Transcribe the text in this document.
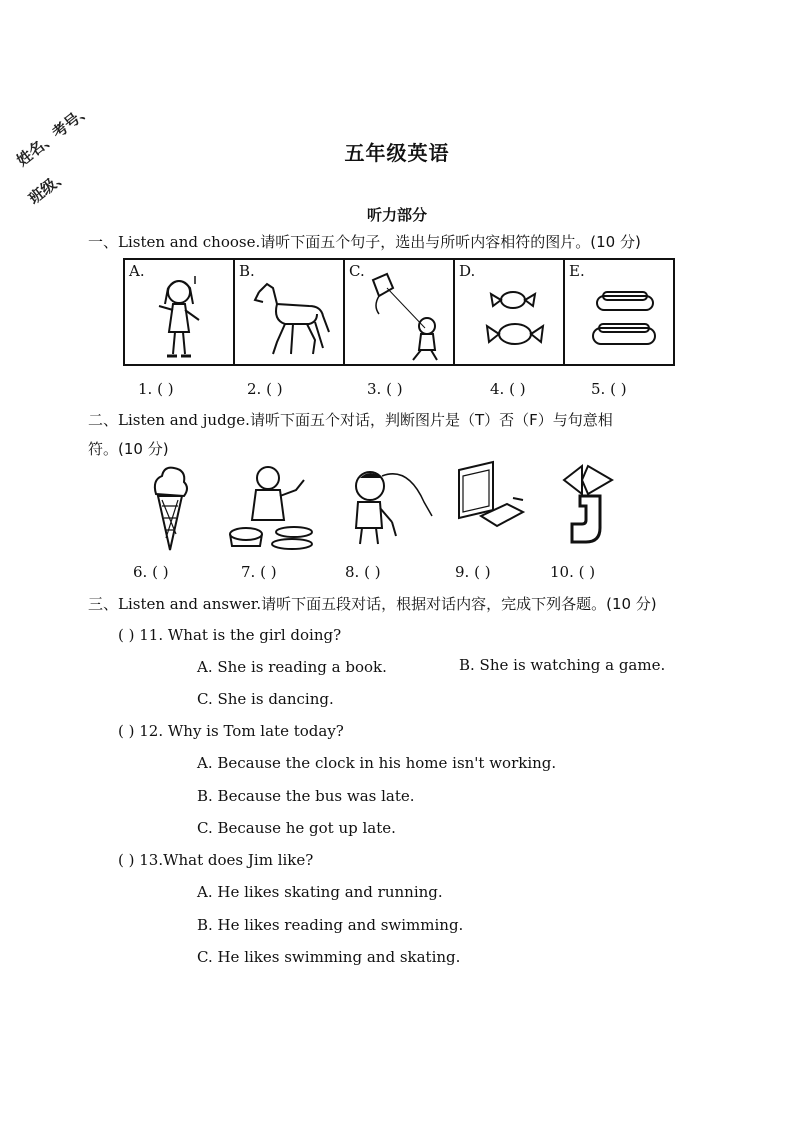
姓名、考号、
班级、
五年级英语
听力部分
一、Listen and choose.请听下面五个句子，选出与所听内容相符的图片。(10 分)
A.	B.	C.	D.	E.
1. ( )	2. ( )	3. ( )	4. ( )	5. ( )
二、Listen and judge.请听下面五个对话，判断图片是（T）否（F）与句意相
符。(10 分)
6. ( )	7. ( )	8. ( )	9. ( )	10. ( )
三、Listen and answer.请听下面五段对话，根据对话内容，完成下列各题。(10 分)
( ) 11. What is the girl doing?
A. She is reading a book.	B. She is watching a game.
C. She is dancing.
( ) 12. Why is Tom late today?
A. Because the clock in his home isn't working.
B. Because the bus was late.
C. Because he got up late.
( ) 13.What does Jim like?
A. He likes skating and running.
B. He likes reading and swimming.
C. He likes swimming and skating.
